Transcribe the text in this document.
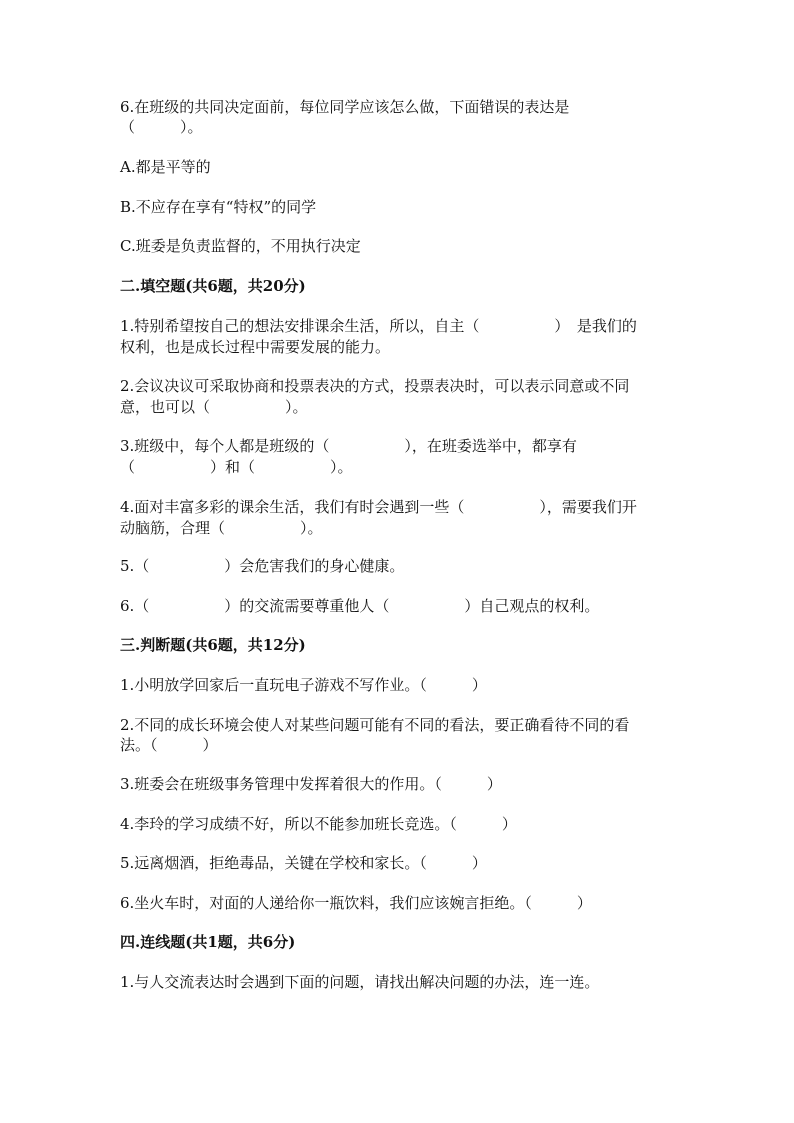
6.在班级的共同决定面前，每位同学应该怎么做，下面错误的表达是
（　　　）。
A.都是平等的
B.不应存在享有“特权”的同学
C.班委是负责监督的，不用执行决定
二.填空题(共6题，共20分)
1.特别希望按自己的想法安排课余生活，所以，自主（　　　　　）　是我们的
权利，也是成长过程中需要发展的能力。
2.会议决议可采取协商和投票表决的方式，投票表决时，可以表示同意或不同
意，也可以（　　　　　）。
3.班级中，每个人都是班级的（　　　　　），在班委选举中，都享有
（　　　　　）和（　　　　　）。
4.面对丰富多彩的课余生活，我们有时会遇到一些（　　　　　），需要我们开
动脑筋，合理（　　　　　）。
5.（　　　　　）会危害我们的身心健康。
6.（　　　　　）的交流需要尊重他人（　　　　　）自己观点的权利。
三.判断题(共6题，共12分)
1.小明放学回家后一直玩电子游戏不写作业。（　　　）
2.不同的成长环境会使人对某些问题可能有不同的看法，要正确看待不同的看
法。（　　　）
3.班委会在班级事务管理中发挥着很大的作用。（　　　）
4.李玲的学习成绩不好，所以不能参加班长竞选。（　　　）
5.远离烟酒，拒绝毒品，关键在学校和家长。（　　　）
6.坐火车时，对面的人递给你一瓶饮料，我们应该婉言拒绝。（　　　）
四.连线题(共1题，共6分)
1.与人交流表达时会遇到下面的问题，请找出解决问题的办法，连一连。
